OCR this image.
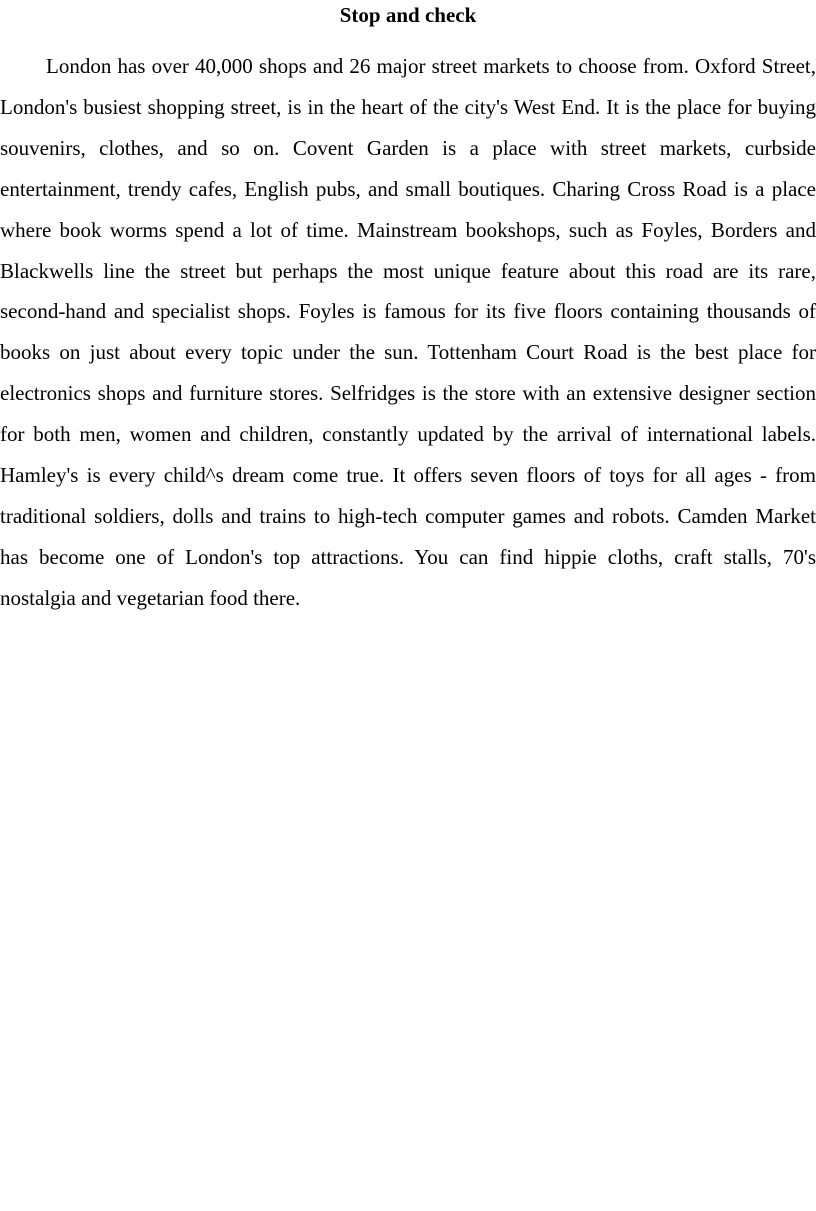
Stop and check

London has over 40,000 shops and 26 major street markets to choose from. Oxford Street, London's busiest shopping street, is in the heart of the city's West End. It is the place for buying souvenirs, clothes, and so on. Covent Garden is a place with street markets, curbside entertainment, trendy cafes, English pubs, and small boutiques. Charing Cross Road is a place where book worms spend a lot of time. Mainstream bookshops, such as Foyles, Borders and Blackwells line the street but perhaps the most unique feature about this road are its rare, second-hand and specialist shops. Foyles is famous for its five floors containing thousands of books on just about every topic under the sun. Tottenham Court Road is the best place for electronics shops and furniture stores. Selfridges is the store with an extensive designer section for both men, women and children, constantly updated by the arrival of international labels. Hamley's is every child^s dream come true. It offers seven floors of toys for all ages - from traditional soldiers, dolls and trains to high-tech computer games and robots. Camden Market has become one of London's top attractions. You can find hippie cloths, craft stalls, 70's nostalgia and vegetarian food there.
